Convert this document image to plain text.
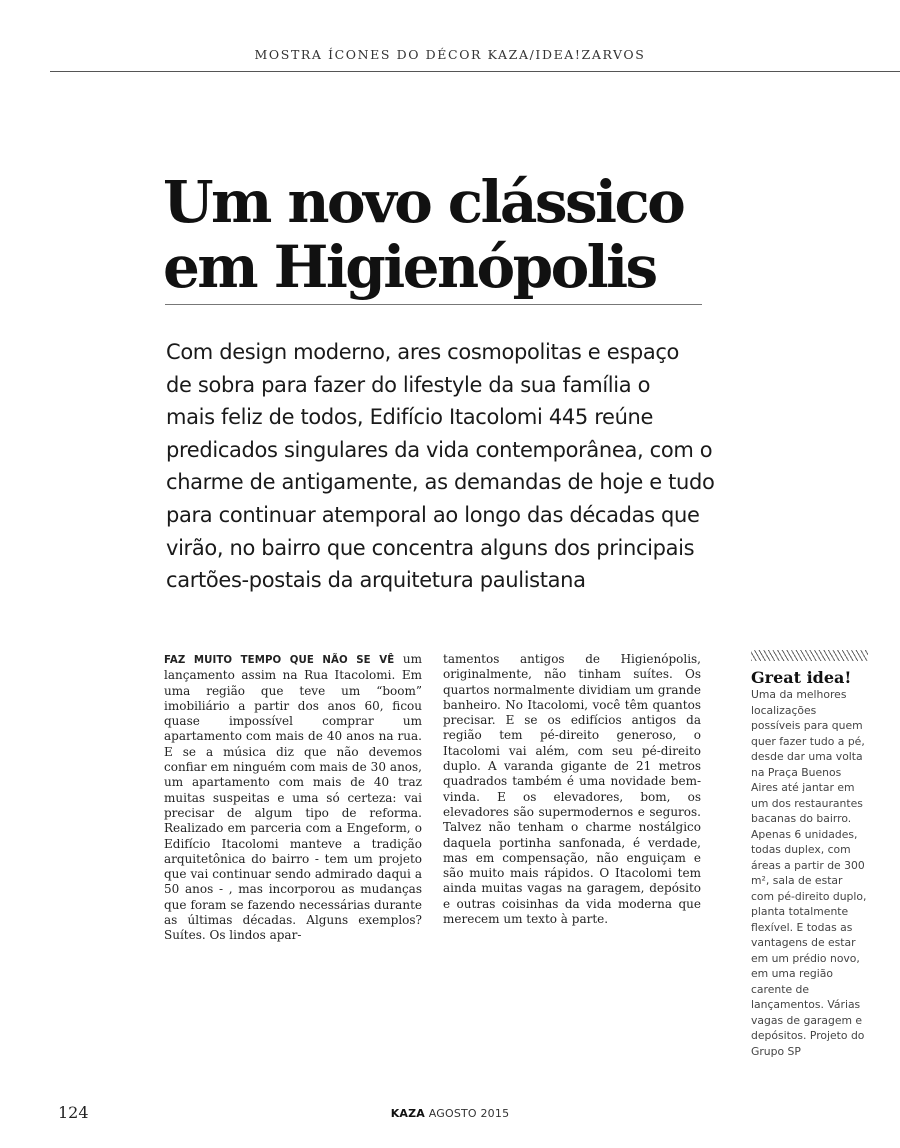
MOSTRA ÍCONES DO DÉCOR KAZA/IDEA!ZARVOS
Um novo clássico
em Higienópolis

Com design moderno, ares cosmopolitas e espaço
de sobra para fazer do lifestyle da sua família o
mais feliz de todos, Edifício Itacolomi 445 reúne
predicados singulares da vida contemporânea, com o
charme de antigamente, as demandas de hoje e tudo
para continuar atemporal ao longo das décadas que
virão, no bairro que concentra alguns dos principais
cartões-postais da arquitetura paulistana

FAZ MUITO TEMPO QUE NÃO SE VÊ um lançamento assim na Rua Itacolomi. Em uma região que teve um “boom” imobiliário a partir dos anos 60, ficou quase impossível comprar um apartamento com mais de 40 anos na rua. E se a música diz que não devemos confiar em ninguém com mais de 30 anos, um apartamento com mais de 40 traz muitas suspeitas e uma só certeza: vai precisar de algum tipo de reforma. Realizado em parceria com a Engeform, o Edifício Itacolomi manteve a tradição arquitetônica do bairro - tem um projeto que vai continuar sendo admirado daqui a 50 anos - , mas incorporou as mudanças que foram se fazendo necessárias durante as últimas décadas. Alguns exemplos? Suítes. Os lindos apar-

tamentos antigos de Higienópolis, originalmente, não tinham suítes. Os quartos normalmente dividiam um grande banheiro. No Itacolomi, você têm quantos precisar. E se os edifícios antigos da região tem pé-direito generoso, o Itacolomi vai além, com seu pé-direito duplo. A varanda gigante de 21 metros quadrados também é uma novidade bem-vinda. E os elevadores, bom, os elevadores são supermodernos e seguros. Talvez não tenham o charme nostálgico daquela portinha sanfonada, é verdade, mas em compensação, não enguiçam e são muito mais rápidos. O Itacolomi tem ainda muitas vagas na garagem, depósito e outras coisinhas da vida moderna que merecem um texto à parte.

Great idea!

Uma da melhores localizações possíveis para quem quer fazer tudo a pé, desde dar uma volta na Praça Buenos Aires até jantar em um dos restaurantes bacanas do bairro. Apenas 6 unidades, todas duplex, com áreas a partir de 300 m², sala de estar com pé-direito duplo, planta totalmente flexível. E todas as vantagens de estar em um prédio novo, em uma região carente de lançamentos. Várias vagas de garagem e depósitos. Projeto do Grupo SP

124	KAZA AGOSTO 2015
